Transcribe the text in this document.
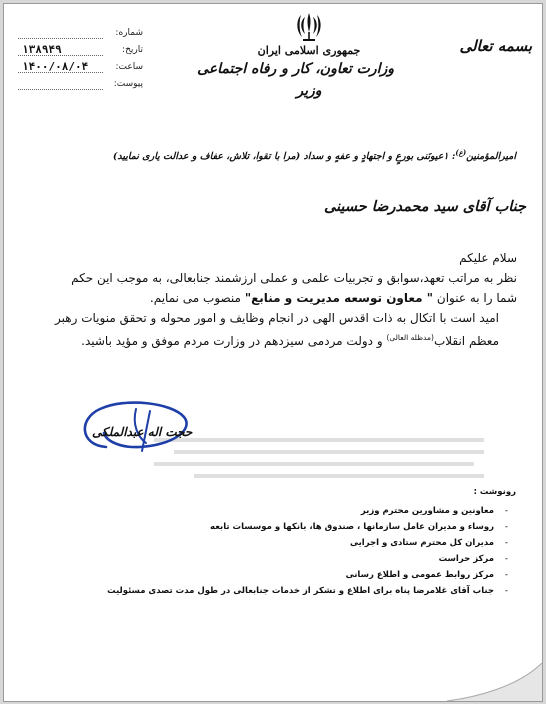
بسمه تعالی
جمهوری اسلامی ایران
وزارت تعاون، کار و رفاه اجتماعی
وزیر
شماره:
تاریخ:
۱۳۸۹۴۹
ساعت:
۱۴۰۰/۰۸/۰۴
پیوست:
امیرالمؤمنین$^{(ع)}$: ۱عیونَنی بورعٍ و اجتهادٍ و عفهٍ و سداد (مرا با تقوا، تلاش، عفاف و عدالت یاری نمایید)
جناب آقای سید محمدرضا حسینی

سلام علیکم

نظر به مراتب تعهد،سوابق و تجربیات علمی و عملی ارزشمند جنابعالی، به موجب این حکم شما را به عنوان " معاون توسعه مدیریت و منابع" منصوب می نمایم.

امید است با اتکال به ذات اقدس الهی در انجام وظایف و امور محوله و تحقق منویات رهبر معظم انقلاب$^{(مدظله العالی)}$ و دولت مردمی سیزدهم در وزارت مردم موفق و مؤید باشید.

حجت اله عبدالملکی
رونوشت :
-
معاونین و مشاورین محترم وزیر
-
روساء و مدیران عامل سازمانها ، صندوق ها، بانکها و موسسات تابعه
-
مدیران کل محترم ستادی و اجرایی
-
مرکز حراست
-
مرکز روابط عمومی و اطلاع رسانی
-
جناب آقای غلامرضا پناه برای اطلاع و تشکر از خدمات جنابعالی در طول مدت تصدی مسئولیت
